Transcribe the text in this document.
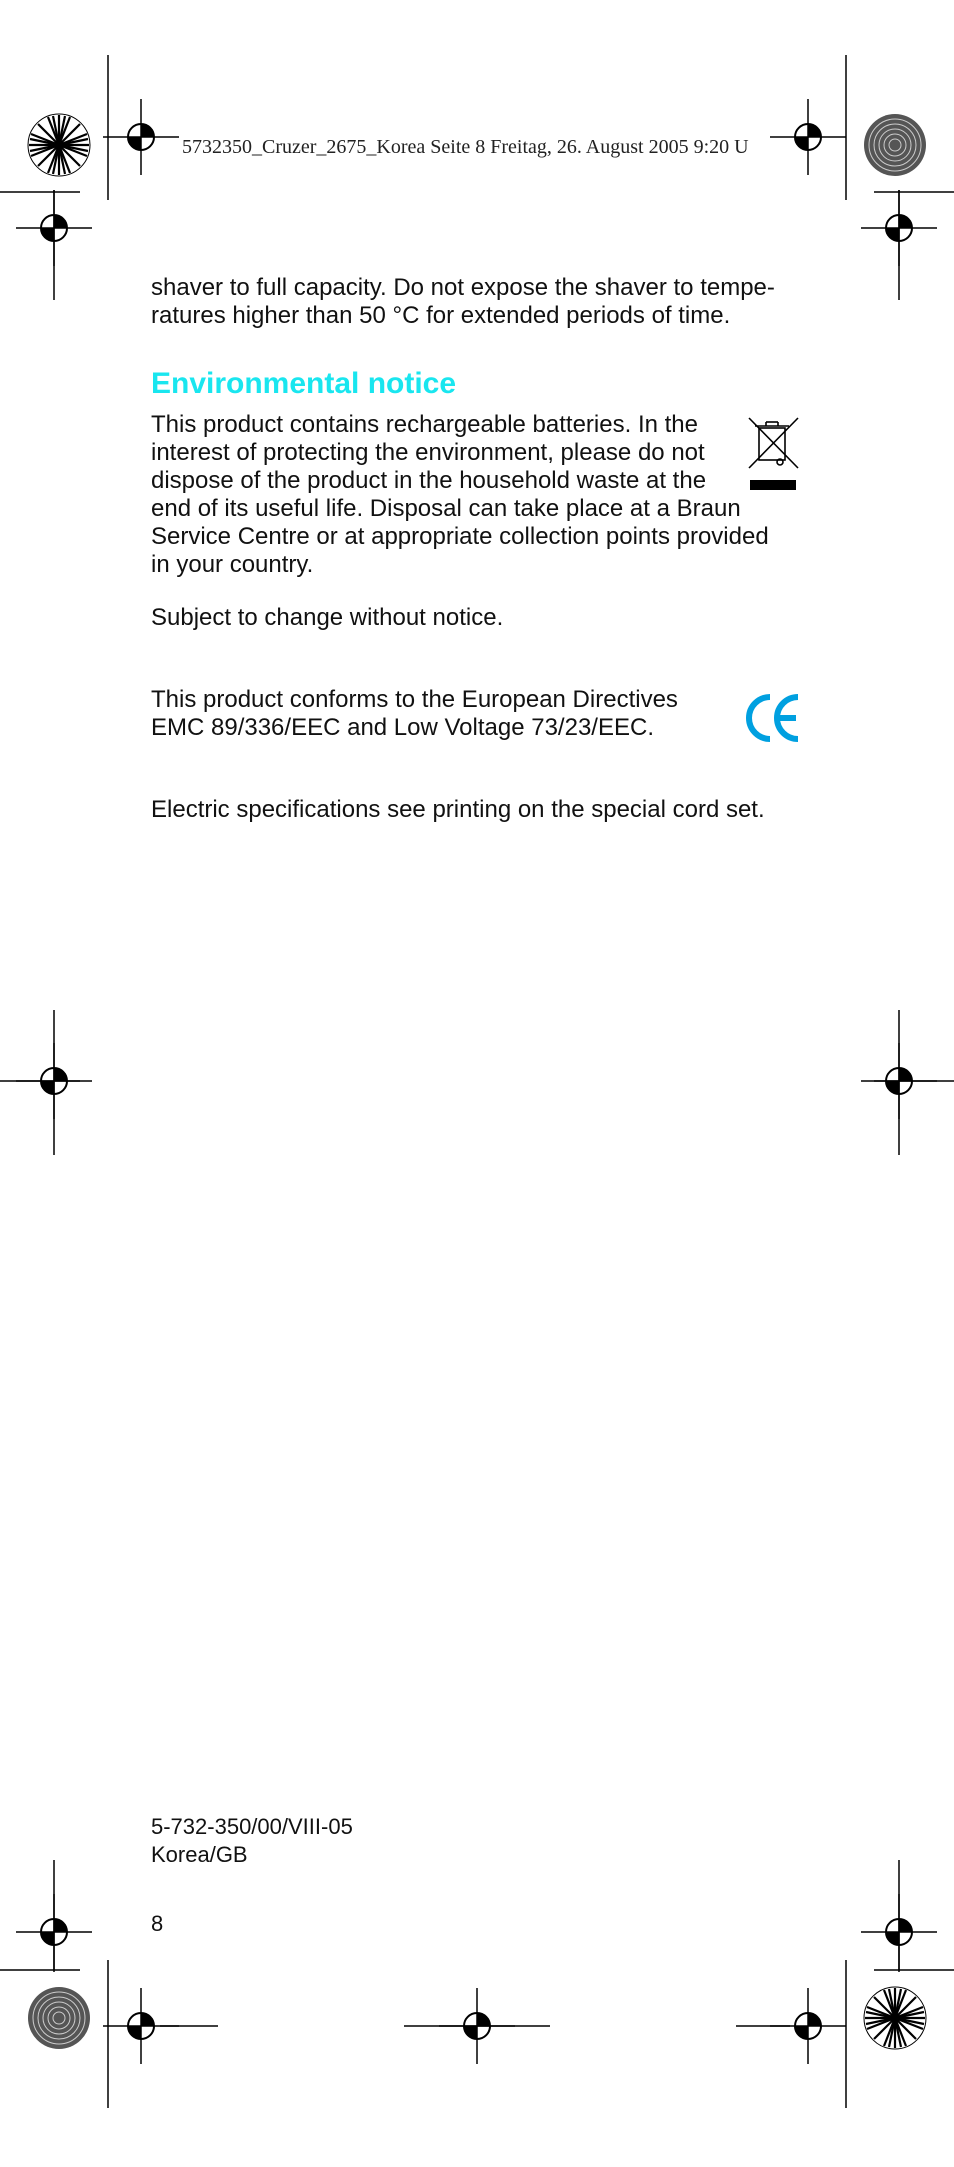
5732350_Cruzer_2675_Korea Seite 8 Freitag, 26. August 2005 9:20 U
shaver to full capacity. Do not expose the shaver to tempe-
ratures higher than 50 °C for extended periods of time.
Environmental notice
This product contains rechargeable batteries. In the
interest of protecting the environment, please do not
dispose of the product in the household waste at the
end of its useful life. Disposal can take place at a Braun
Service Centre or at appropriate collection points provided
in your country.
Subject to change without notice.
This product conforms to the European Directives
EMC 89/336/EEC and Low Voltage 73/23/EEC.
Electric specifications see printing on the special cord set.
5-732-350/00/VIII-05
Korea/GB
8
